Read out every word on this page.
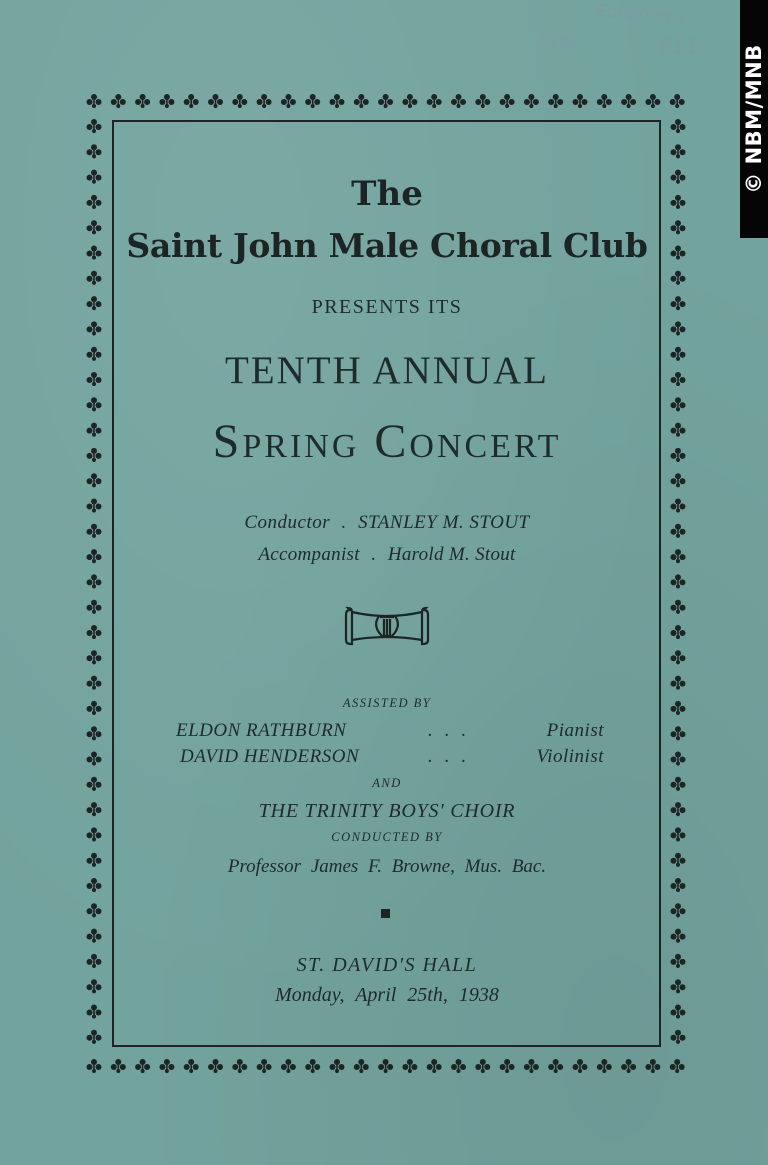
Ephemera
5182	F11- © NBM/MNB

The

Saint John Male Choral Club

PRESENTS ITS

TENTH ANNUAL

Spring Concert

Conductor . STANLEY M. STOUT

Accompanist . Harold M. Stout

ASSISTED BY

ELDON RATHBURN	...	Pianist
DAVID HENDERSON	...	Violinist

AND

THE TRINITY BOYS' CHOIR

CONDUCTED BY

Professor James F. Browne, Mus. Bac.

ST. DAVID'S HALL

Monday, April 25th, 1938
